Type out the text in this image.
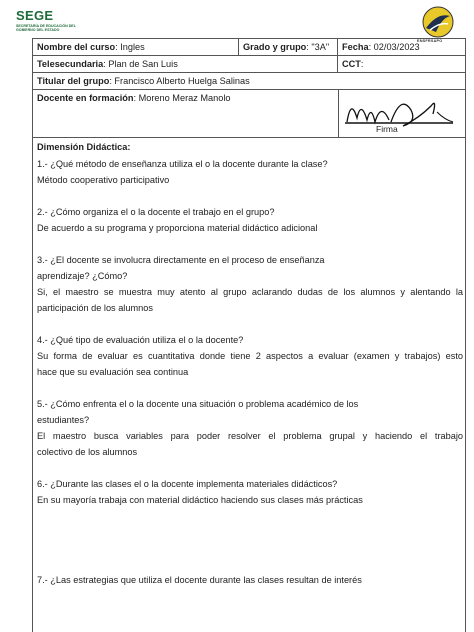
SEGE
SECRETARÍA DE EDUCACIÓN DEL GOBIERNO DEL ESTADO
ENSFRSAPO
Nombre del curso: Ingles	Grado y grupo: "3A"	Fecha: 02/03/2023
Telesecundaria: Plan de San Luis	CCT:
Titular del grupo: Francisco Alberto Huelga Salinas
Docente en formación: Moreno Meraz Manolo
Firma
Dimensión Didáctica:
1.- ¿Qué método de enseñanza utiliza el o la docente durante la clase?
Método cooperativo participativo
2.- ¿Cómo organiza el o la docente el trabajo en el grupo?
De acuerdo a su programa y proporciona material didáctico adicional
3.- ¿El docente se involucra directamente en el proceso de enseñanza
aprendizaje? ¿Cómo?
Si, el maestro se muestra muy atento al grupo aclarando dudas de los alumnos y alentando la
participación de los alumnos
4.- ¿Qué tipo de evaluación utiliza el o la docente?
Su forma de evaluar es cuantitativa donde tiene 2 aspectos a evaluar (examen y trabajos) esto
hace que su evaluación sea continua
5.- ¿Cómo enfrenta el o la docente una situación o problema académico de los
estudiantes?
El maestro busca variables para poder resolver el problema grupal y haciendo el trabajo
colectivo de los alumnos
6.- ¿Durante las clases el o la docente implementa materiales didácticos?
En su mayoría trabaja con material didáctico haciendo sus clases más prácticas
7.- ¿Las estrategias que utiliza el docente durante las clases resultan de interés
